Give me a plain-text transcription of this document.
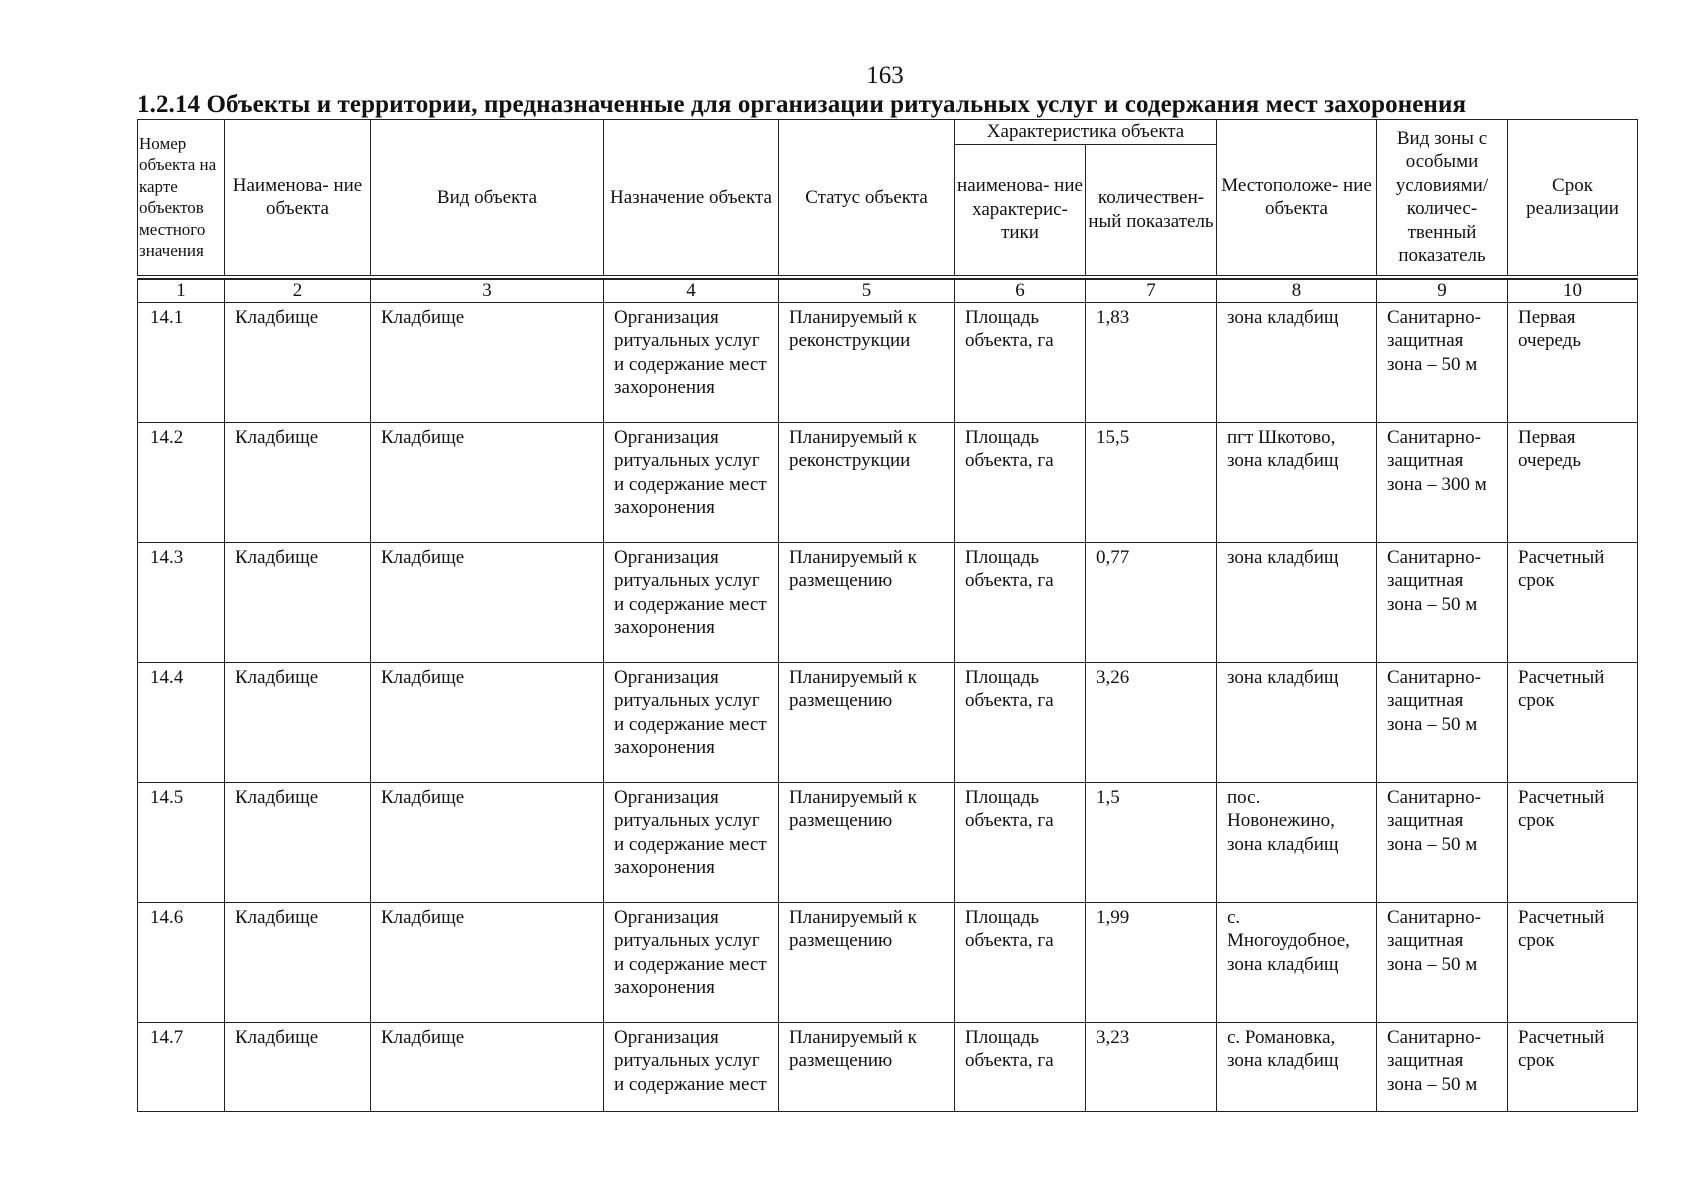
163
1.2.14 Объекты и территории, предназначенные для организации ритуальных услуг и содержания мест захоронения
Номер объекта на карте объектов местного значения	Наименова- ние объекта	Вид объекта	Назначение объекта	Статус объекта	Характеристика объекта		Местоположе- ние объекта	Вид зоны с особыми условиями/ количес- твенный показатель	Срок реализации
					наименова- ние характерис- тики	количествен- ный показатель			

1	2	3	4	5	6	7	8	9	10
14.1	Кладбище	Кладбище	Организация ритуальных услуг и содержание мест захоронения	Планируемый к реконструкции	Площадь объекта, га	1,83	зона кладбищ	Санитарно- защитная зона – 50 м	Первая очередь
14.2	Кладбище	Кладбище	Организация ритуальных услуг и содержание мест захоронения	Планируемый к реконструкции	Площадь объекта, га	15,5	пгт Шкотово, зона кладбищ	Санитарно- защитная зона – 300 м	Первая очередь
14.3	Кладбище	Кладбище	Организация ритуальных услуг и содержание мест захоронения	Планируемый к размещению	Площадь объекта, га	0,77	зона кладбищ	Санитарно- защитная зона – 50 м	Расчетный срок
14.4	Кладбище	Кладбище	Организация ритуальных услуг и содержание мест захоронения	Планируемый к размещению	Площадь объекта, га	3,26	зона кладбищ	Санитарно- защитная зона – 50 м	Расчетный срок
14.5	Кладбище	Кладбище	Организация ритуальных услуг и содержание мест захоронения	Планируемый к размещению	Площадь объекта, га	1,5	пос. Новонежино, зона кладбищ	Санитарно- защитная зона – 50 м	Расчетный срок
14.6	Кладбище	Кладбище	Организация ритуальных услуг и содержание мест захоронения	Планируемый к размещению	Площадь объекта, га	1,99	с. Многоудобное, зона кладбищ	Санитарно- защитная зона – 50 м	Расчетный срок
14.7	Кладбище	Кладбище	Организация ритуальных услуг и содержание мест	Планируемый к размещению	Площадь объекта, га	3,23	с. Романовка, зона кладбищ	Санитарно- защитная зона – 50 м	Расчетный срок
